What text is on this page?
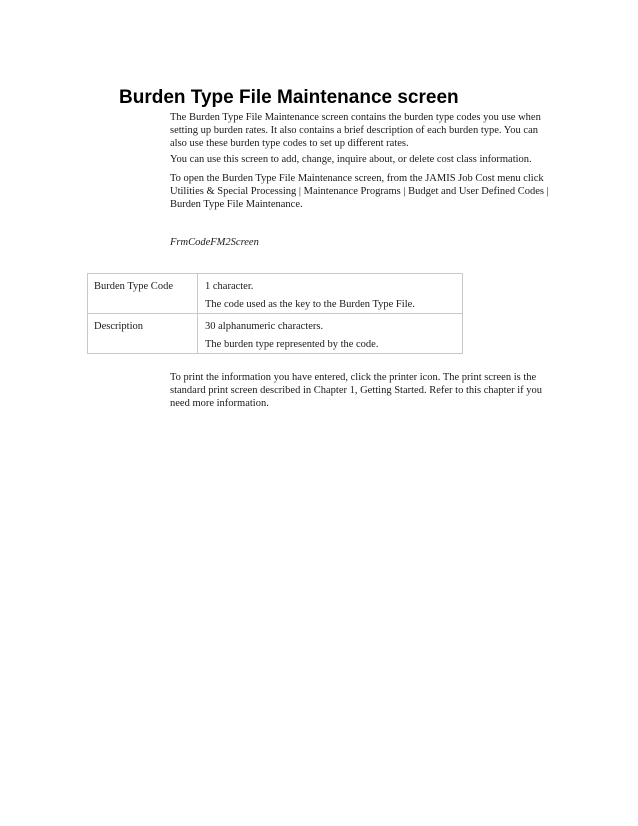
Burden Type File Maintenance screen

The Burden Type File Maintenance screen contains the burden type codes you use when setting up burden rates. It also contains a brief description of each burden type. You can also use these burden type codes to set up different rates.

You can use this screen to add, change, inquire about, or delete cost class information.

To open the Burden Type File Maintenance screen, from the JAMIS Job Cost menu click Utilities & Special Processing | Maintenance Programs | Budget and User Defined Codes | Burden Type File Maintenance.

FrmCodeFM2Screen

Burden Type Code	1 character.
The code used as the key to the Burden Type File.

Description	30 alphanumeric characters.
The burden type represented by the code.

To print the information you have entered, click the printer icon. The print screen is the standard print screen described in Chapter 1, Getting Started. Refer to this chapter if you need more information.
